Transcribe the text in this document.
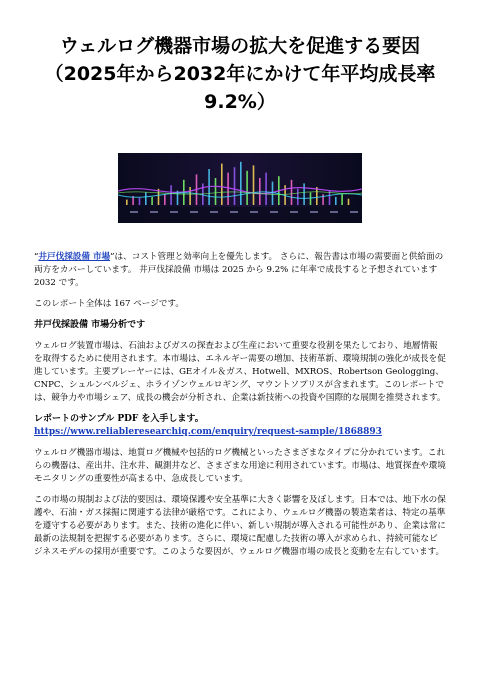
ウェルログ機器市場の拡大を促進する要因
（2025年から2032年にかけて年平均成長率
9.2%）

“井戸伐採設備 市場”は、コスト管理と効率向上を優先します。 さらに、報告書は市場の需要面と供給面の両方をカバーしています。 井戸伐採設備 市場は 2025 から 9.2% に年率で成長すると予想されています2032 です。

このレポート全体は 167 ページです。

井戸伐採設備 市場分析です

ウェルログ装置市場は、石油およびガスの探査および生産において重要な役割を果たしており、地層情報を取得するために使用されます。本市場は、エネルギー需要の増加、技術革新、環境規制の強化が成長を促進しています。主要プレーヤーには、GEオイル＆ガス、Hotwell、MXROS、Robertson Geologging、CNPC、シュルンベルジェ、ホライゾンウェルロギング、マウントソプリスが含まれます。このレポートでは、競争力や市場シェア、成長の機会が分析され、企業は新技術への投資や国際的な展開を推奨されます。

レポートのサンプル PDF を入手します。 https://www.reliableresearchiq.com/enquiry/request-sample/1868893

ウェルログ機器市場は、地質ログ機械や包括的ログ機械といったさまざまなタイプに分かれています。これらの機器は、産出井、注水井、観測井など、さまざまな用途に利用されています。市場は、地質探査や環境モニタリングの重要性が高まる中、急成長しています。

この市場の規制および法的要因は、環境保護や安全基準に大きく影響を及ぼします。日本では、地下水の保護や、石油・ガス採掘に関連する法律が厳格です。これにより、ウェルログ機器の製造業者は、特定の基準を遵守する必要があります。また、技術の進化に伴い、新しい規制が導入される可能性があり、企業は常に最新の法規制を把握する必要があります。さらに、環境に配慮した技術の導入が求められ、持続可能なビジネスモデルの採用が重要です。このような要因が、ウェルログ機器市場の成長と変動を左右しています。
